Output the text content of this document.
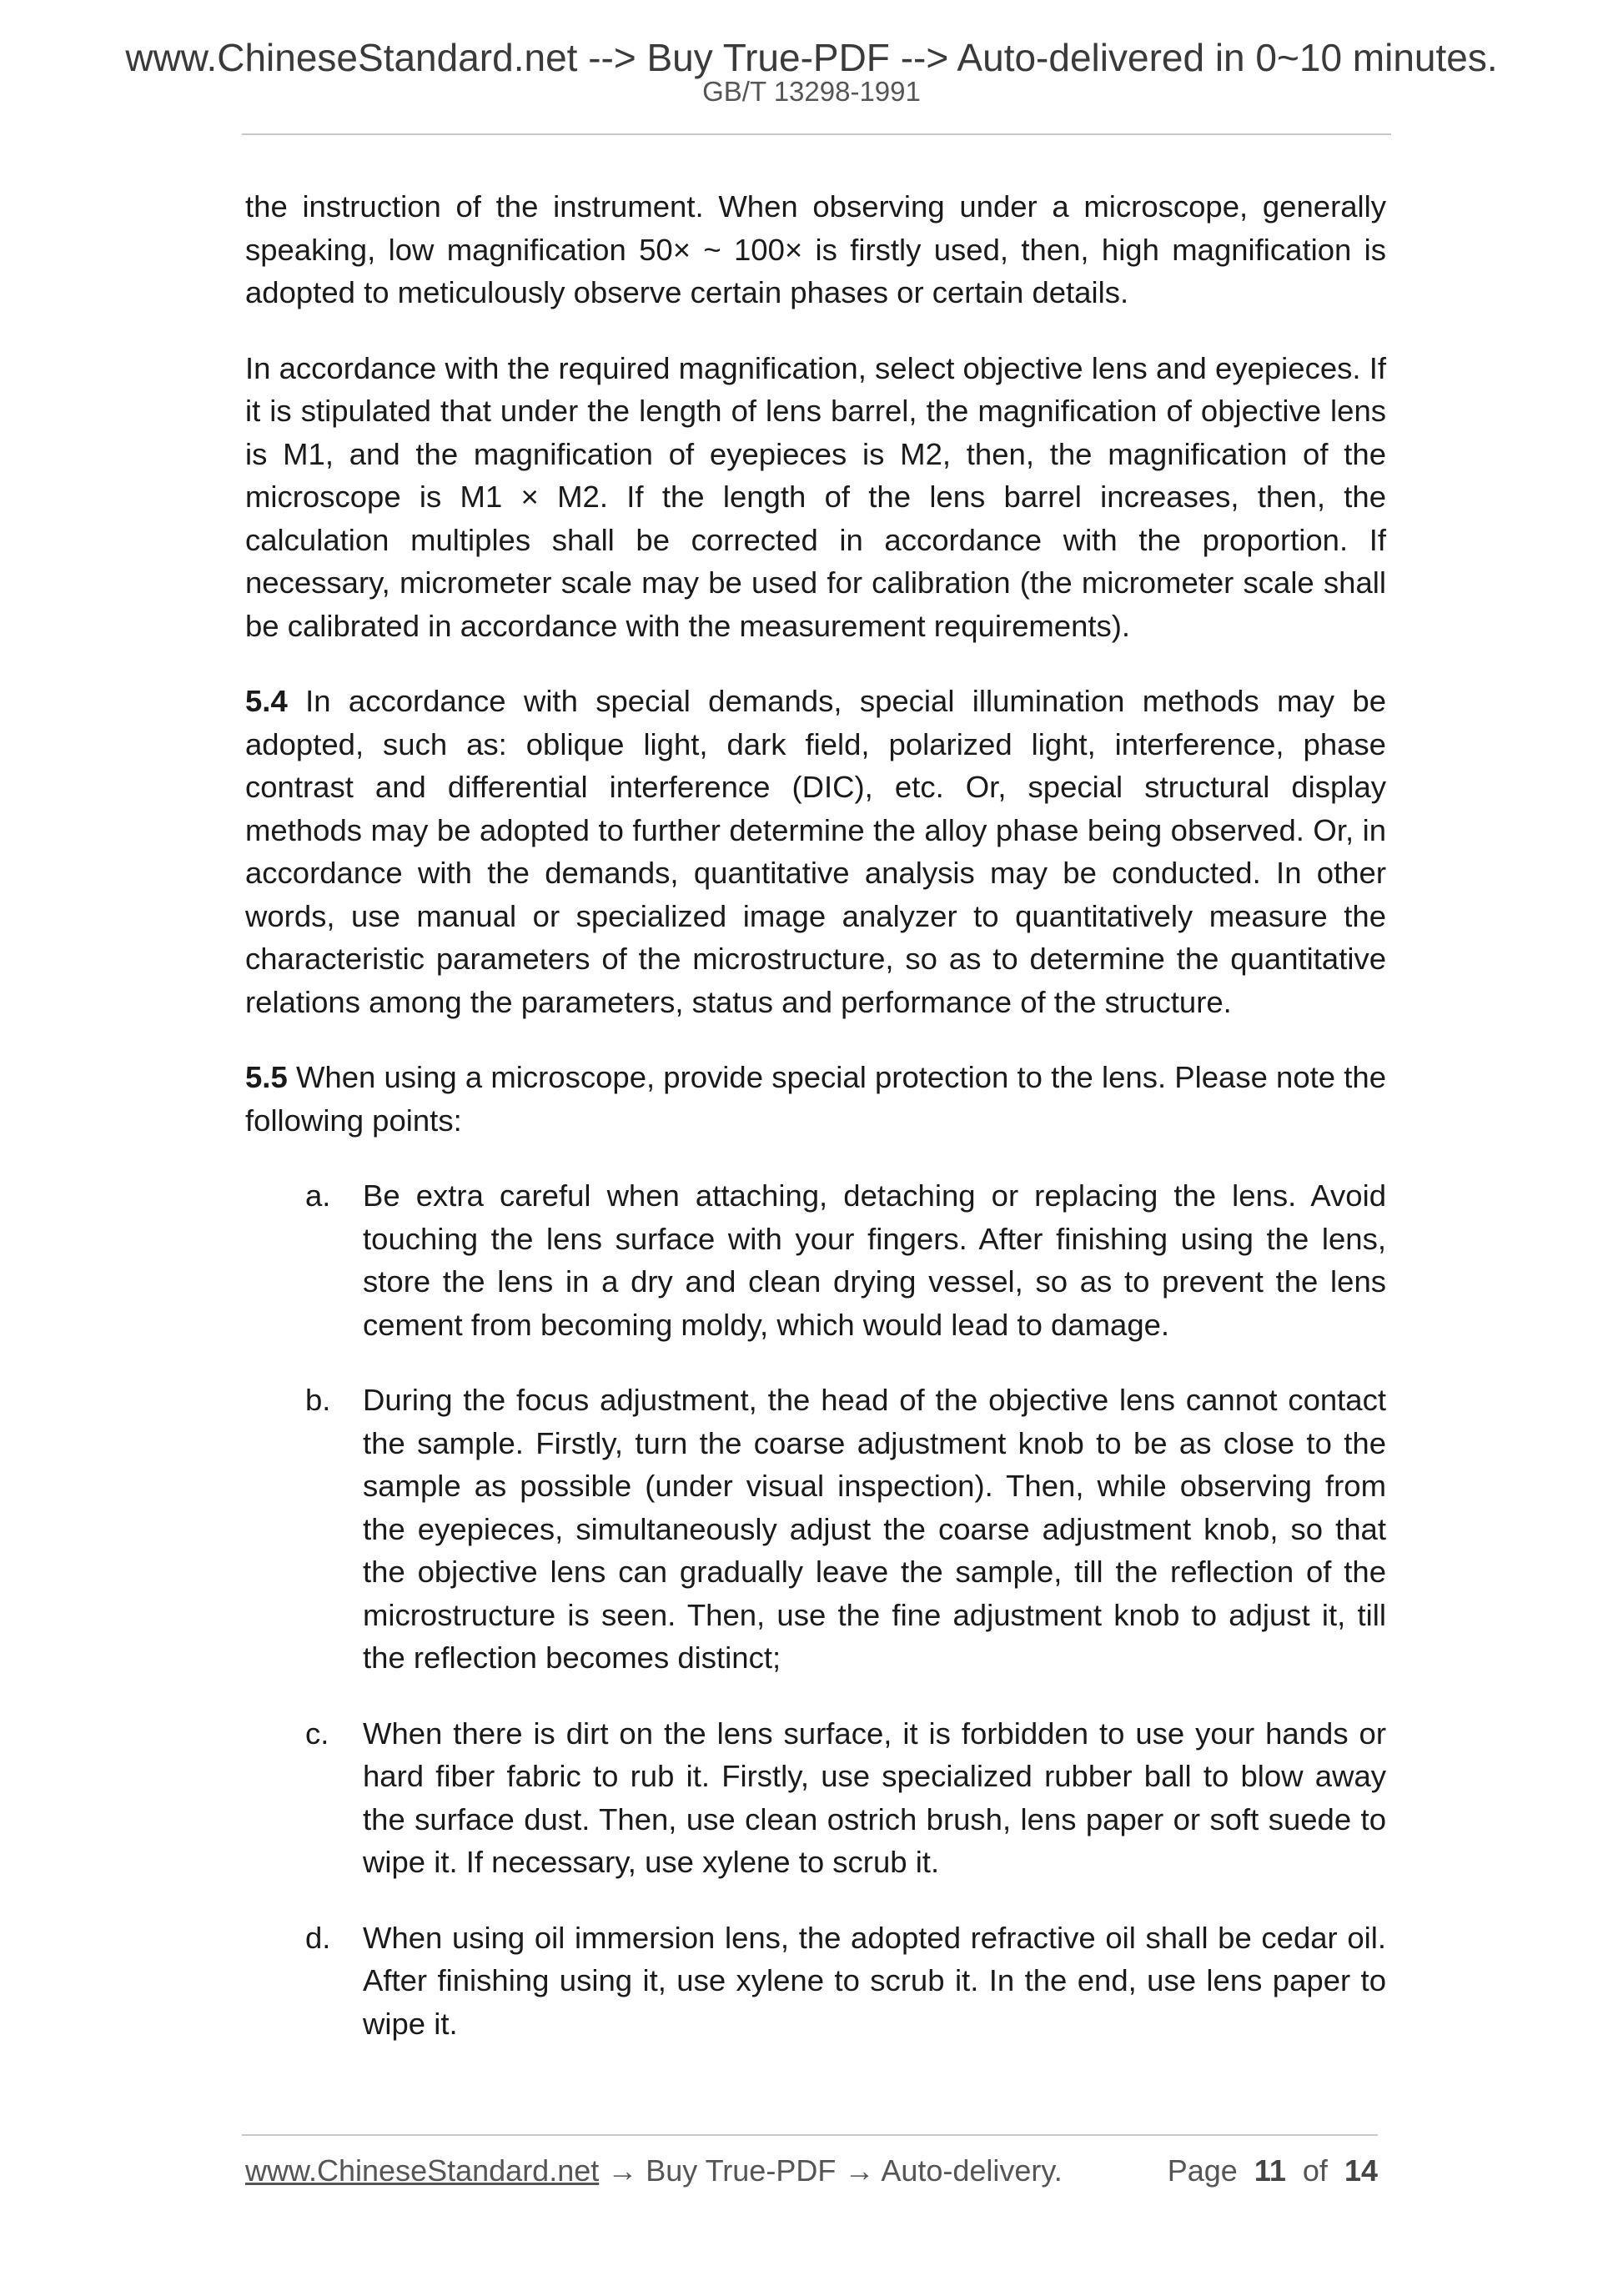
www.ChineseStandard.net --> Buy True-PDF --> Auto-delivered in 0~10 minutes.
GB/T 13298-1991

the instruction of the instrument. When observing under a microscope, generally speaking, low magnification 50× ~ 100× is firstly used, then, high magnification is adopted to meticulously observe certain phases or certain details.

In accordance with the required magnification, select objective lens and eyepieces. If it is stipulated that under the length of lens barrel, the magnification of objective lens is M1, and the magnification of eyepieces is M2, then, the magnification of the microscope is M1 × M2. If the length of the lens barrel increases, then, the calculation multiples shall be corrected in accordance with the proportion. If necessary, micrometer scale may be used for calibration (the micrometer scale shall be calibrated in accordance with the measurement requirements).

5.4 In accordance with special demands, special illumination methods may be adopted, such as: oblique light, dark field, polarized light, interference, phase contrast and differential interference (DIC), etc. Or, special structural display methods may be adopted to further determine the alloy phase being observed. Or, in accordance with the demands, quantitative analysis may be conducted. In other words, use manual or specialized image analyzer to quantitatively measure the characteristic parameters of the microstructure, so as to determine the quantitative relations among the parameters, status and performance of the structure.

5.5 When using a microscope, provide special protection to the lens. Please note the following points:

a. Be extra careful when attaching, detaching or replacing the lens. Avoid touching the lens surface with your fingers. After finishing using the lens, store the lens in a dry and clean drying vessel, so as to prevent the lens cement from becoming moldy, which would lead to damage.
b. During the focus adjustment, the head of the objective lens cannot contact the sample. Firstly, turn the coarse adjustment knob to be as close to the sample as possible (under visual inspection). Then, while observing from the eyepieces, simultaneously adjust the coarse adjustment knob, so that the objective lens can gradually leave the sample, till the reflection of the microstructure is seen. Then, use the fine adjustment knob to adjust it, till the reflection becomes distinct;
c. When there is dirt on the lens surface, it is forbidden to use your hands or hard fiber fabric to rub it. Firstly, use specialized rubber ball to blow away the surface dust. Then, use clean ostrich brush, lens paper or soft suede to wipe it. If necessary, use xylene to scrub it.
d. When using oil immersion lens, the adopted refractive oil shall be cedar oil. After finishing using it, use xylene to scrub it. In the end, use lens paper to wipe it.
www.ChineseStandard.net → Buy True-PDF → Auto-delivery.	Page 11 of 14
